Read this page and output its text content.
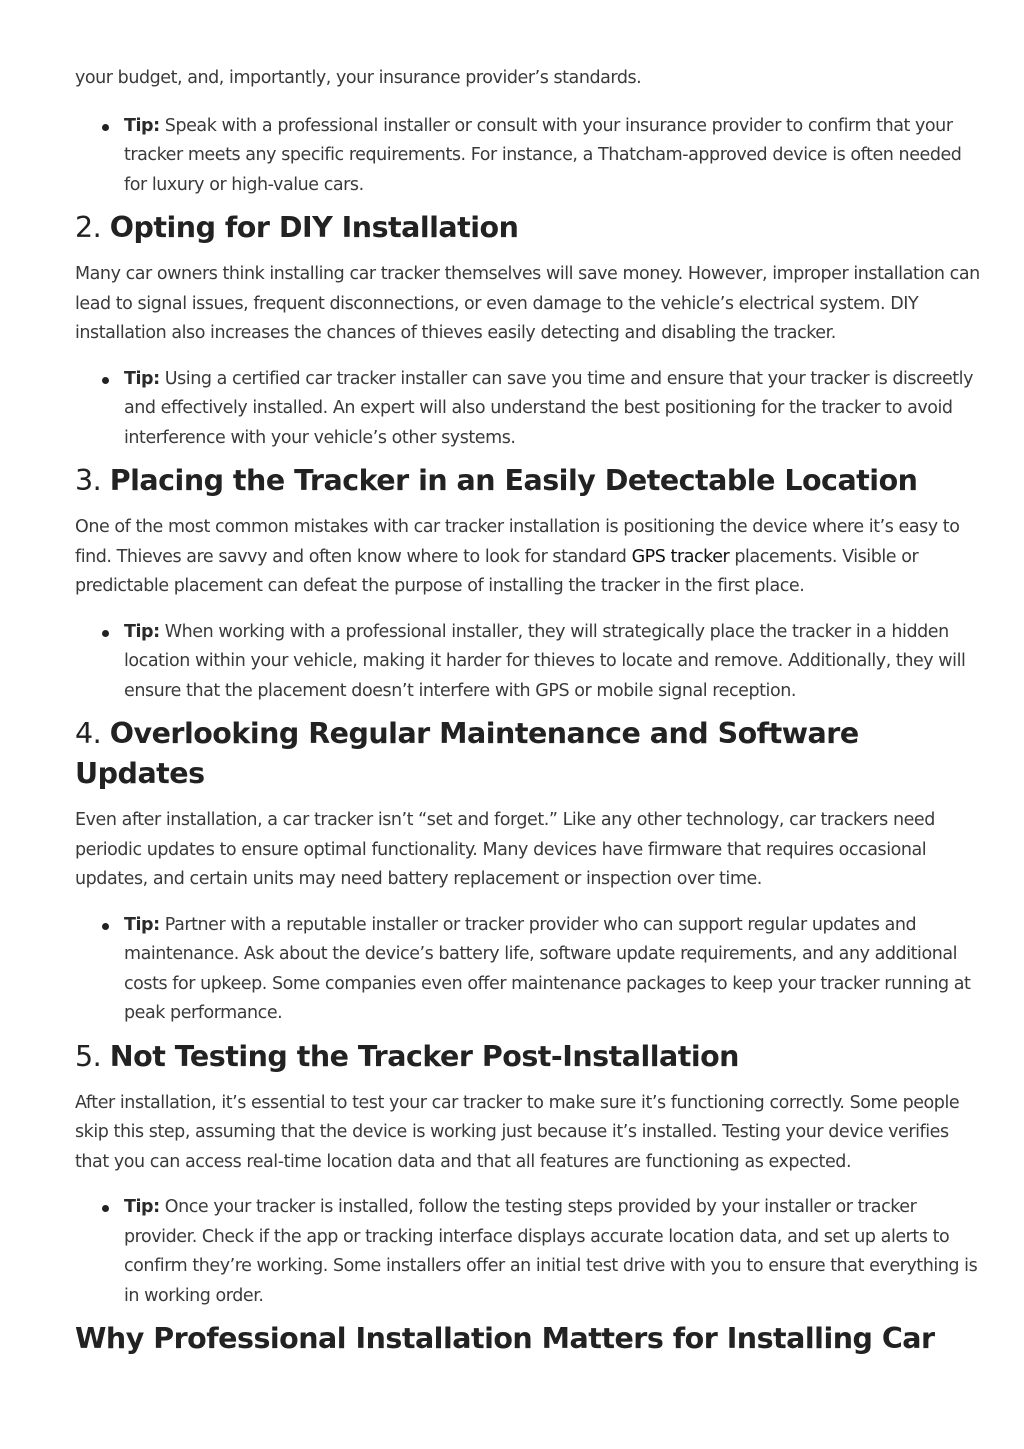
your budget, and, importantly, your insurance provider’s standards.

Tip: Speak with a professional installer or consult with your insurance provider to confirm that your tracker meets any specific requirements. For instance, a Thatcham-approved device is often needed for luxury or high-value cars.
2. Opting for DIY Installation

Many car owners think installing car tracker themselves will save money. However, improper installation can lead to signal issues, frequent disconnections, or even damage to the vehicle’s electrical system. DIY installation also increases the chances of thieves easily detecting and disabling the tracker.

Tip: Using a certified car tracker installer can save you time and ensure that your tracker is discreetly and effectively installed. An expert will also understand the best positioning for the tracker to avoid interference with your vehicle’s other systems.
3. Placing the Tracker in an Easily Detectable Location

One of the most common mistakes with car tracker installation is positioning the device where it’s easy to find. Thieves are savvy and often know where to look for standard GPS tracker placements. Visible or predictable placement can defeat the purpose of installing the tracker in the first place.

Tip: When working with a professional installer, they will strategically place the tracker in a hidden location within your vehicle, making it harder for thieves to locate and remove. Additionally, they will ensure that the placement doesn’t interfere with GPS or mobile signal reception.
4. Overlooking Regular Maintenance and Software Updates

Even after installation, a car tracker isn’t “set and forget.” Like any other technology, car trackers need periodic updates to ensure optimal functionality. Many devices have firmware that requires occasional updates, and certain units may need battery replacement or inspection over time.

Tip: Partner with a reputable installer or tracker provider who can support regular updates and maintenance. Ask about the device’s battery life, software update requirements, and any additional costs for upkeep. Some companies even offer maintenance packages to keep your tracker running at peak performance.
5. Not Testing the Tracker Post-Installation

After installation, it’s essential to test your car tracker to make sure it’s functioning correctly. Some people skip this step, assuming that the device is working just because it’s installed. Testing your device verifies that you can access real-time location data and that all features are functioning as expected.

Tip: Once your tracker is installed, follow the testing steps provided by your installer or tracker provider. Check if the app or tracking interface displays accurate location data, and set up alerts to confirm they’re working. Some installers offer an initial test drive with you to ensure that everything is in working order.
Why Professional Installation Matters for Installing Car
